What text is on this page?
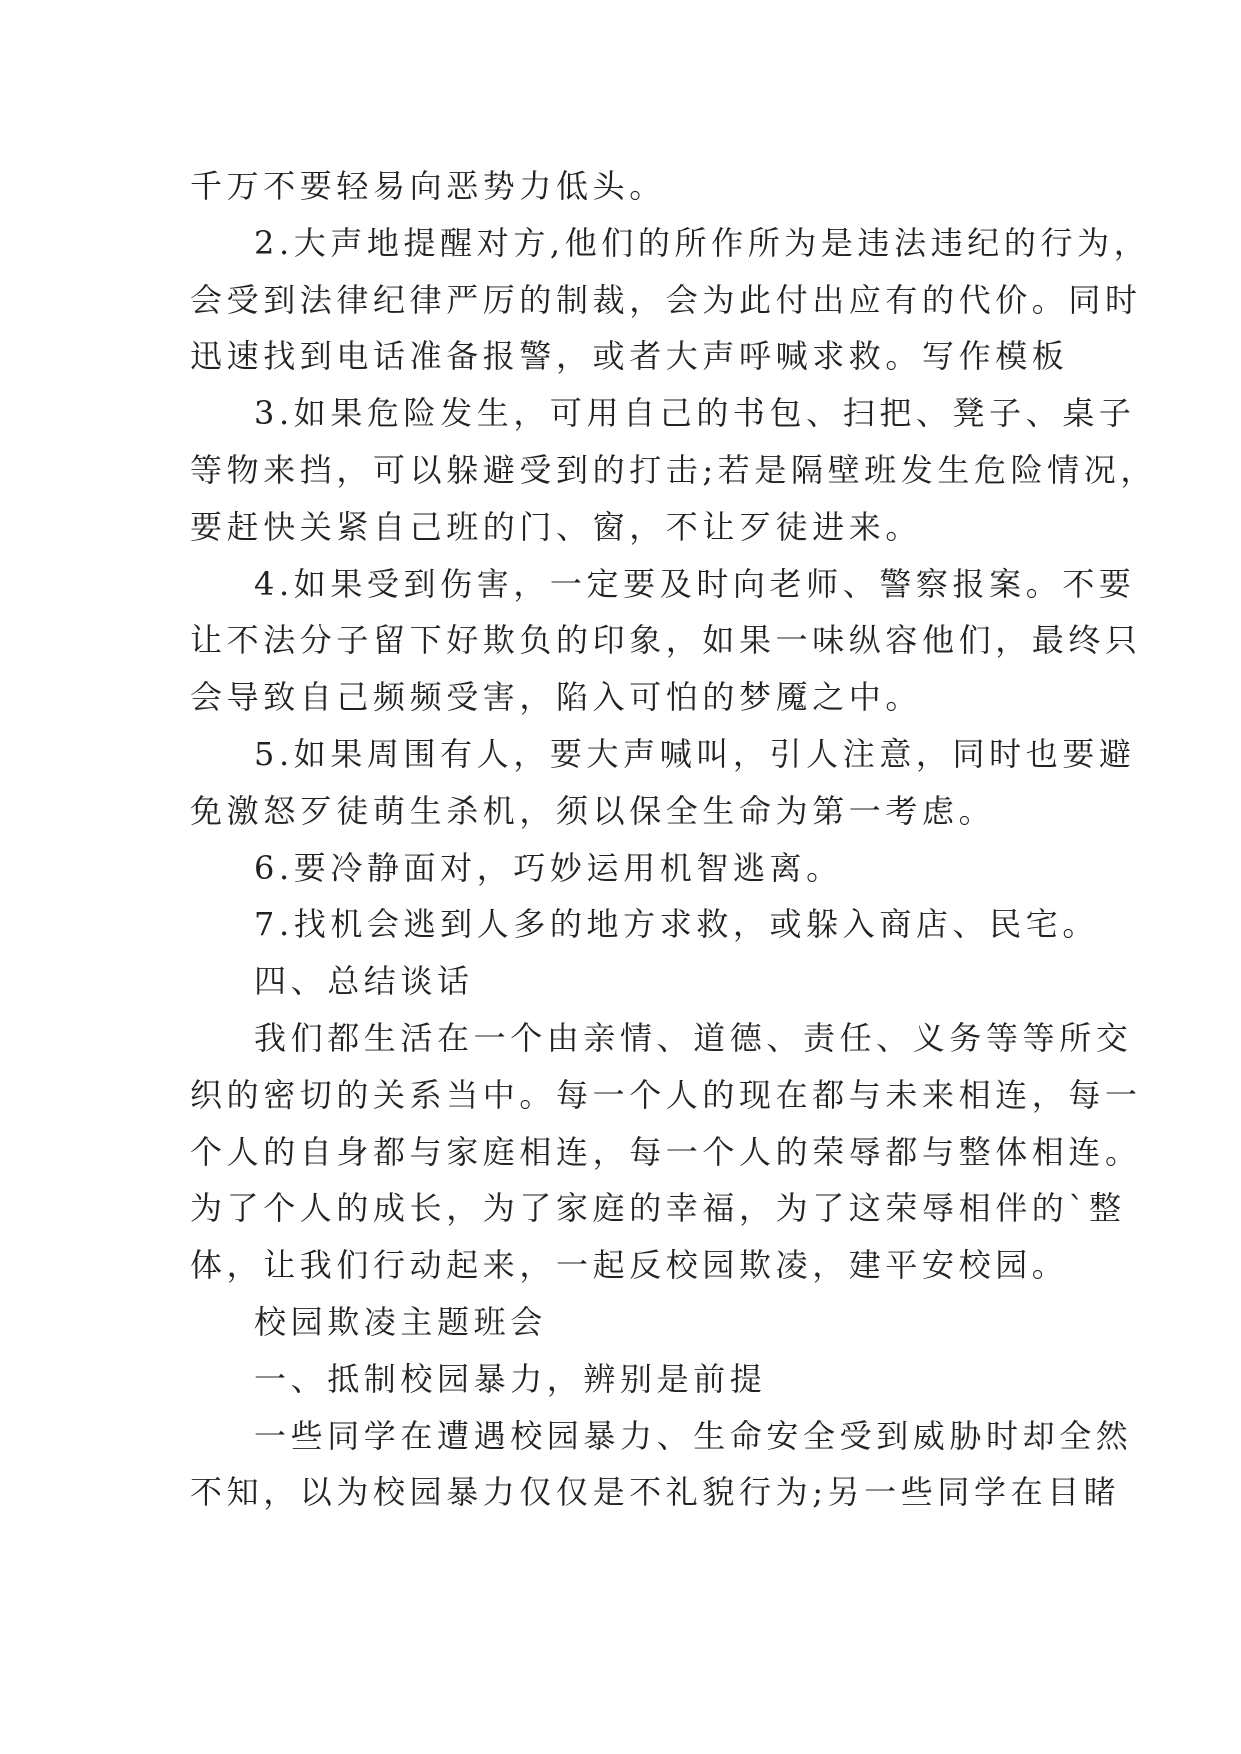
千万不要轻易向恶势力低头。
2.大声地提醒对方,他们的所作所为是违法违纪的行为，
会受到法律纪律严厉的制裁，会为此付出应有的代价。同时
迅速找到电话准备报警，或者大声呼喊求救。写作模板
3.如果危险发生，可用自己的书包、扫把、凳子、桌子
等物来挡，可以躲避受到的打击;若是隔壁班发生危险情况，
要赶快关紧自己班的门、窗，不让歹徒进来。
4.如果受到伤害，一定要及时向老师、警察报案。不要
让不法分子留下好欺负的印象，如果一味纵容他们，最终只
会导致自己频频受害，陷入可怕的梦魇之中。
5.如果周围有人，要大声喊叫，引人注意，同时也要避
免激怒歹徒萌生杀机，须以保全生命为第一考虑。
6.要冷静面对，巧妙运用机智逃离。
7.找机会逃到人多的地方求救，或躲入商店、民宅。
四、总结谈话
我们都生活在一个由亲情、道德、责任、义务等等所交
织的密切的关系当中。每一个人的现在都与未来相连，每一
个人的自身都与家庭相连，每一个人的荣辱都与整体相连。
为了个人的成长，为了家庭的幸福，为了这荣辱相伴的`整
体，让我们行动起来，一起反校园欺凌，建平安校园。
校园欺凌主题班会
一、抵制校园暴力，辨别是前提
一些同学在遭遇校园暴力、生命安全受到威胁时却全然
不知，以为校园暴力仅仅是不礼貌行为;另一些同学在目睹
